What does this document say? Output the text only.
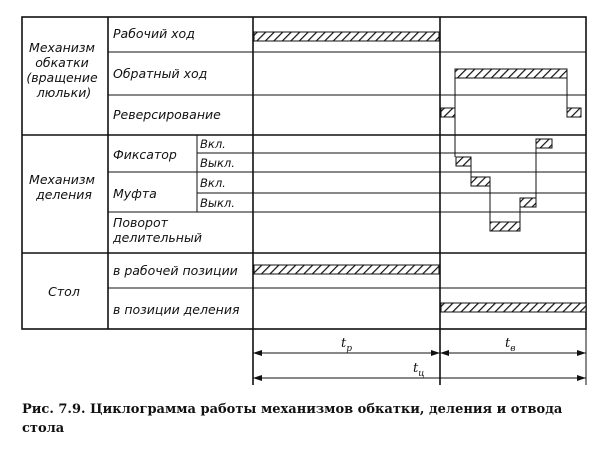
Механизм обкатки (вращение люльки)
Механизм деления
Стол
Рабочий ход
Обратный ход
Реверсирование
Фиксатор
Муфта
Поворот делительный
в рабочей позиции
в позиции деления
Вкл.
Выкл.
Вкл.
Выкл.
$t_p$	$t_в$
$t_ц$
Рис. 7.9. Циклограмма работы механизмов обкатки, деления и отвода стола
